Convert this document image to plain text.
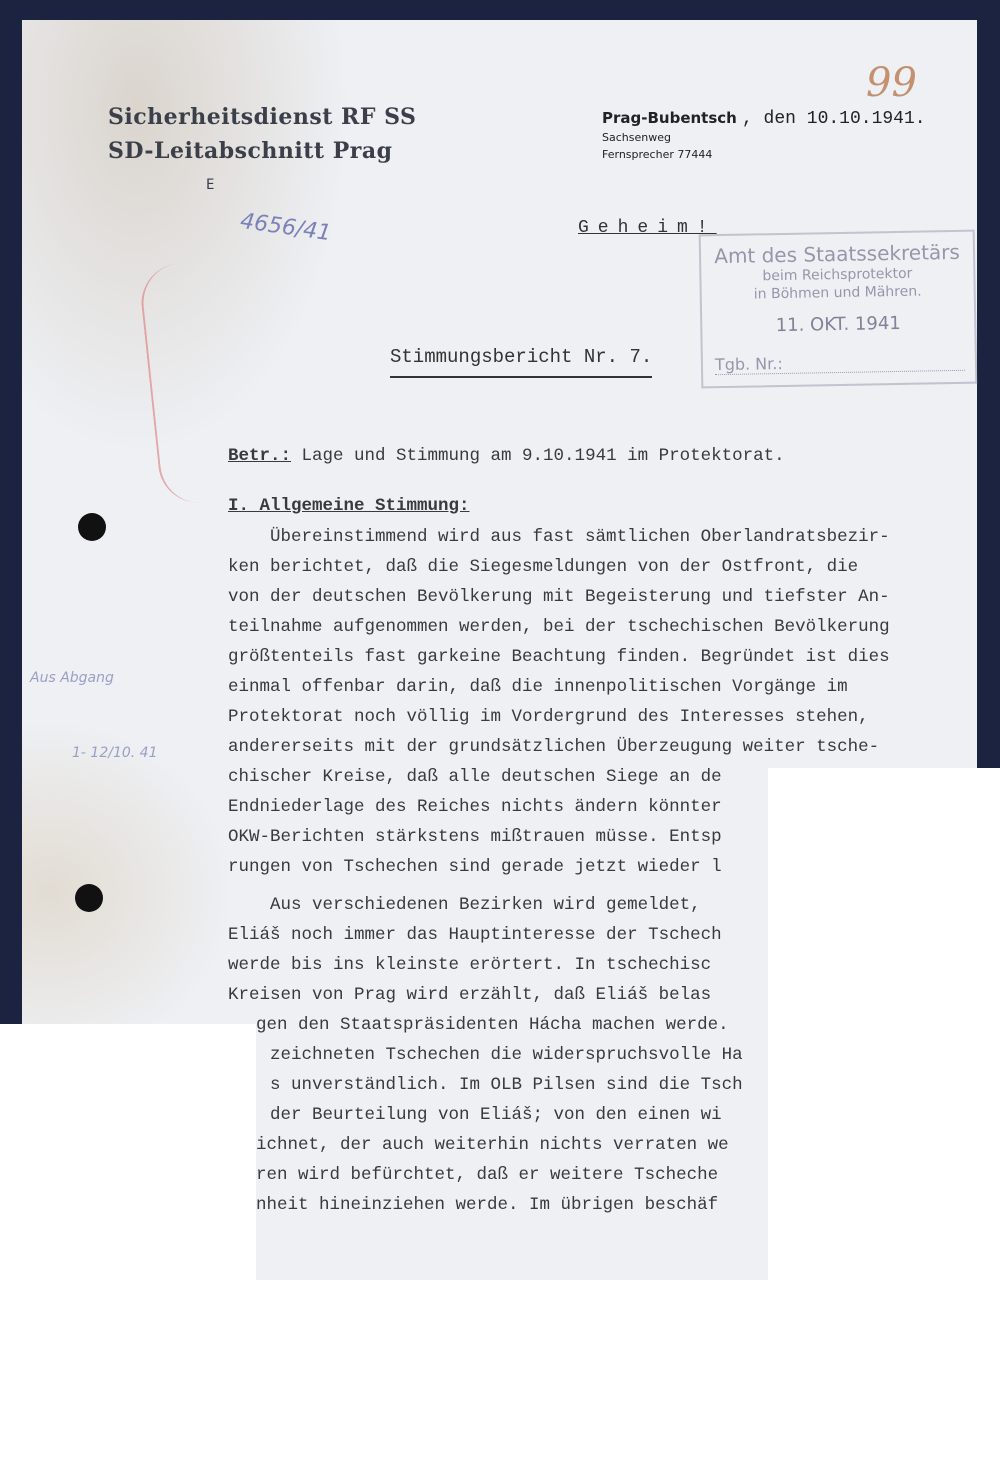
99
Sicherheitsdienst RF SS
SD-Leitabschnitt Prag
E
Prag-Bubentsch , den 10.10.1941.
Sachsenweg
Fernsprecher 77444
4656/41	Geheim!
Amt des Staatssekretärs
beim Reichsprotektor
in Böhmen und Mähren.
11. OKT. 1941
Tgb. Nr.:
Stimmungsbericht Nr. 7.
Aus Abgang
1- 12/10. 41
Betr.: Lage und Stimmung am 9.10.1941 im Protektorat.
I. Allgemeine Stimmung:
Übereinstimmend wird aus fast sämtlichen Oberlandratsbezir-
ken berichtet, daß die Siegesmeldungen von der Ostfront, die
von der deutschen Bevölkerung mit Begeisterung und tiefster An-
teilnahme aufgenommen werden, bei der tschechischen Bevölkerung
größtenteils fast garkeine Beachtung finden. Begründet ist dies
einmal offenbar darin, daß die innenpolitischen Vorgänge im
Protektorat noch völlig im Vordergrund des Interesses stehen,
andererseits mit der grundsätzlichen Überzeugung weiter tsche-
chischer Kreise, daß alle deutschen Siege an de
Endniederlage des Reiches nichts ändern könnter
OKW-Berichten stärkstens mißtrauen müsse. Entsp
rungen von Tschechen sind gerade jetzt wieder l
Aus verschiedenen Bezirken wird gemeldet,
Eliáš noch immer das Hauptinteresse der Tschech
werde bis ins kleinste erörtert. In tschechisc
Kreisen von Prag wird erzählt, daß Eliáš belas
gen den Staatspräsidenten Hácha machen werde.
zeichneten Tschechen die widerspruchsvolle Ha
s unverständlich. Im OLB Pilsen sind die Tsch
der Beurteilung von Eliáš; von den einen wi
ichnet, der auch weiterhin nichts verraten we
ren wird befürchtet, daß er weitere Tscheche
nheit hineinziehen werde. Im übrigen beschäf
